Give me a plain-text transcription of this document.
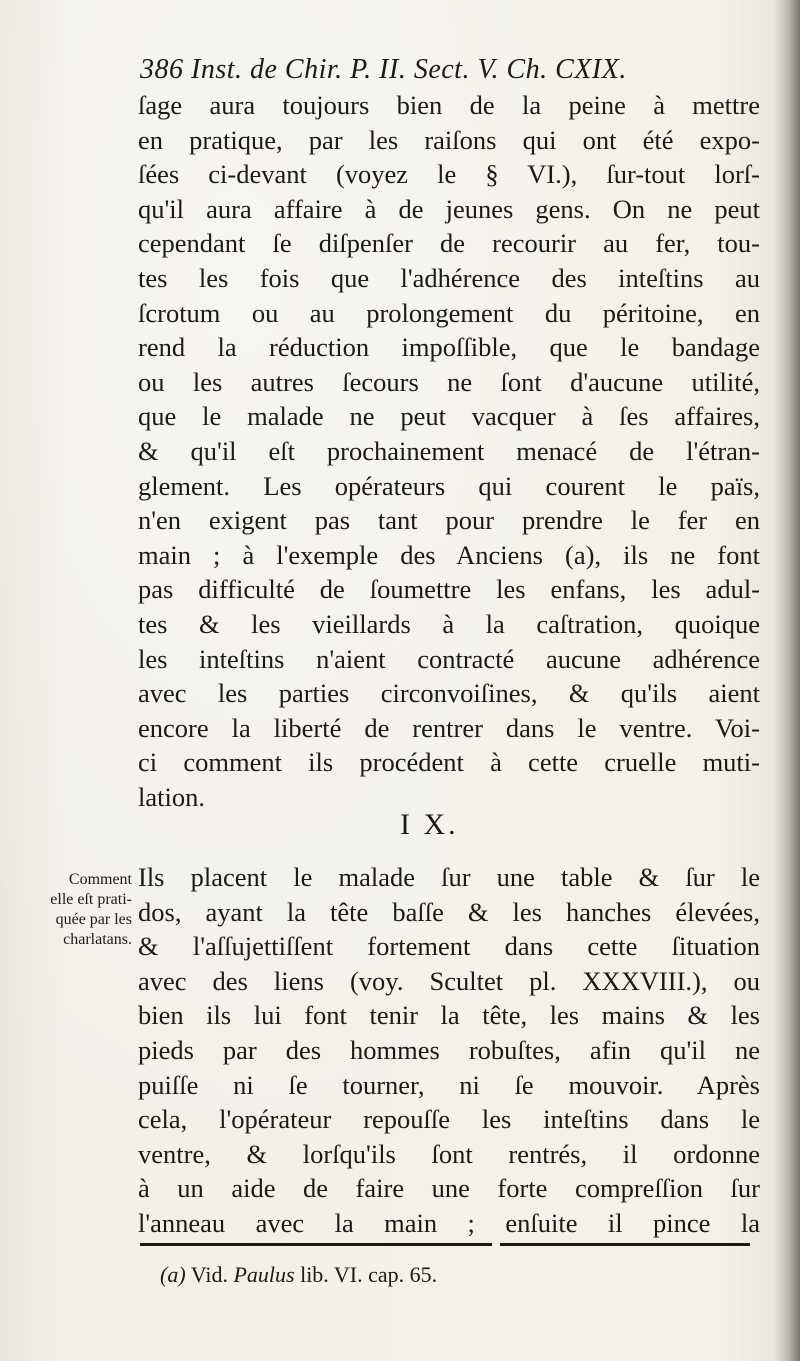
386 Inst. de Chir. P. II. Sect. V. Ch. CXIX.
ſage aura toujours bien de la peine à mettre
en pratique, par les raiſons qui ont été expo-
ſées ci-devant (voyez le § VI.), ſur-tout lorſ-
qu'il aura affaire à de jeunes gens. On ne peut
cependant ſe diſpenſer de recourir au fer, tou-
tes les fois que l'adhérence des inteſtins au
ſcrotum ou au prolongement du péritoine, en
rend la réduction impoſſible, que le bandage
ou les autres ſecours ne ſont d'aucune utilité,
que le malade ne peut vacquer à ſes affaires,
& qu'il eſt prochainement menacé de l'étran-
glement. Les opérateurs qui courent le païs,
n'en exigent pas tant pour prendre le fer en
main ; à l'exemple des Anciens (a), ils ne font
pas difficulté de ſoumettre les enfans, les adul-
tes & les vieillards à la caſtration, quoique
les inteſtins n'aient contracté aucune adhérence
avec les parties circonvoiſines, & qu'ils aient
encore la liberté de rentrer dans le ventre. Voi-
ci comment ils procédent à cette cruelle muti-
lation.
I X.
Comment
elle eſt prati-
quée par les
charlatans.
Ils placent le malade ſur une table & ſur le
dos, ayant la tête baſſe & les hanches élevées,
& l'aſſujettiſſent fortement dans cette ſituation
avec des liens (voy. Scultet pl. XXXVIII.), ou
bien ils lui font tenir la tête, les mains & les
pieds par des hommes robuſtes, afin qu'il ne
puiſſe ni ſe tourner, ni ſe mouvoir. Après
cela, l'opérateur repouſſe les inteſtins dans le
ventre, & lorſqu'ils ſont rentrés, il ordonne
à un aide de faire une forte compreſſion ſur
l'anneau avec la main ; enſuite il pince la
(a) Vid. Paulus lib. VI. cap. 65.
